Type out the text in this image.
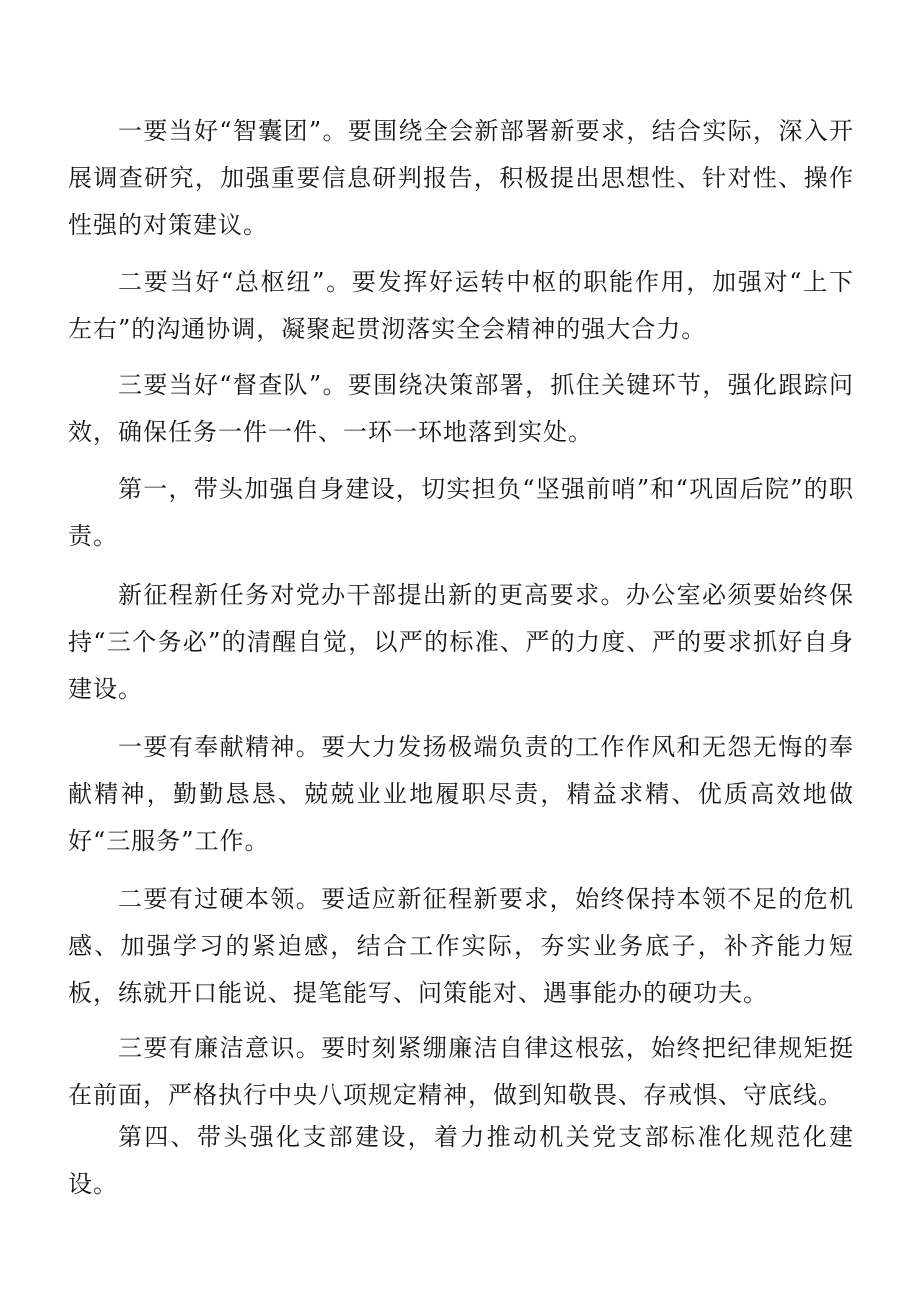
一要当好“智囊团”。要围绕全会新部署新要求，结合实际，深入开展调查研究，加强重要信息研判报告，积极提出思想性、针对性、操作性强的对策建议。

二要当好“总枢纽”。要发挥好运转中枢的职能作用，加强对“上下左右”的沟通协调，凝聚起贯沏落实全会精神的强大合力。

三要当好“督查队”。要围绕决策部署，抓住关键环节，强化跟踪问效，确保任务一件一件、一环一环地落到实处。

第一，带头加强自身建设，切实担负“坚强前哨”和“巩固后院”的职责。

新征程新任务对党办干部提出新的更高要求。办公室必须要始终保持“三个务必”的清醒自觉，以严的标准、严的力度、严的要求抓好自身建设。

一要有奉献精神。要大力发扬极端负责的工作作风和无怨无悔的奉献精神，勤勤恳恳、兢兢业业地履职尽责，精益求精、优质高效地做好“三服务”工作。

二要有过硬本领。要适应新征程新要求，始终保持本领不足的危机感、加强学习的紧迫感，结合工作实际，夯实业务底子，补齐能力短板，练就开口能说、提笔能写、问策能对、遇事能办的硬功夫。

三要有廉洁意识。要时刻紧绷廉洁自律这根弦，始终把纪律规矩挺在前面，严格执行中央八项规定精神，做到知敬畏、存戒惧、守底线。

第四、带头强化支部建设，着力推动机关党支部标准化规范化建设。
